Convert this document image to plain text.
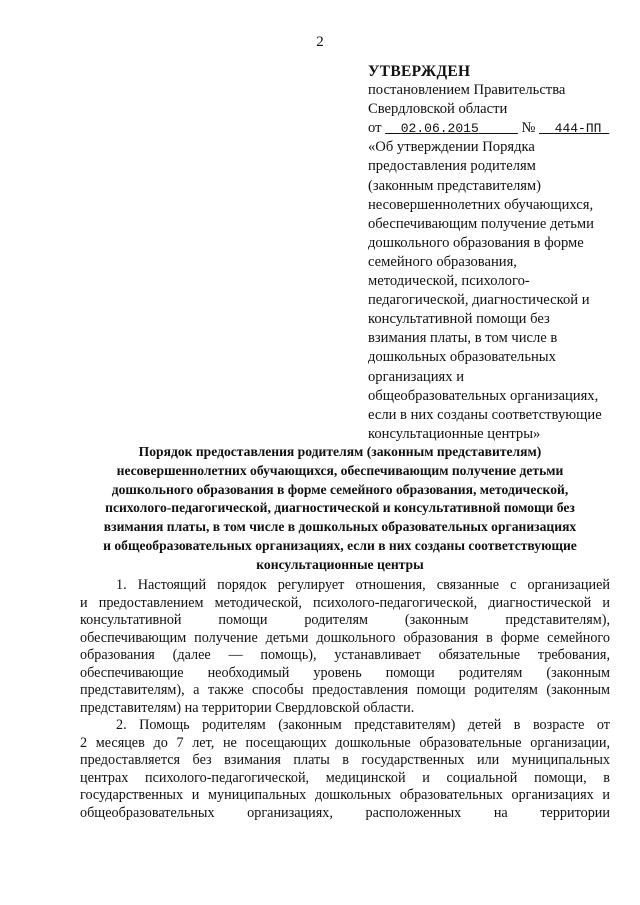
2
УТВЕРЖДЕН
постановлением Правительства
Свердловской области
от 02.06.2015	№ 444-ПП
«Об утверждении Порядка
предоставления родителям
(законным представителям)
несовершеннолетних обучающихся,
обеспечивающим получение детьми
дошкольного образования в форме
семейного образования,
методической, психолого-
педагогической, диагностической и
консультативной помощи без
взимания платы, в том числе в
дошкольных образовательных
организациях и
общеобразовательных организациях,
если в них созданы соответствующие
консультационные центры»
Порядок предоставления родителям (законным представителям)
несовершеннолетних обучающихся, обеспечивающим получение детьми
дошкольного образования в форме семейного образования, методической,
психолого-педагогической, диагностической и консультативной помощи без
взимания платы, в том числе в дошкольных образовательных организациях
и общеобразовательных организациях, если в них созданы соответствующие
консультационные центры
1. Настоящий порядок регулирует отношения, связанные с организацией
и предоставлением методической, психолого-педагогической, диагностической и
консультативной помощи родителям (законным представителям),
обеспечивающим получение детьми дошкольного образования в форме семейного
образования (далее — помощь), устанавливает обязательные требования,
обеспечивающие необходимый уровень помощи родителям (законным
представителям), а также способы предоставления помощи родителям (законным
представителям) на территории Свердловской области.
2. Помощь родителям (законным представителям) детей в возрасте от
2 месяцев до 7 лет, не посещающих дошкольные образовательные организации,
предоставляется без взимания платы в государственных или муниципальных
центрах психолого-педагогической, медицинской и социальной помощи, в
государственных и муниципальных дошкольных образовательных организациях и
общеобразовательных организациях, расположенных на территории
